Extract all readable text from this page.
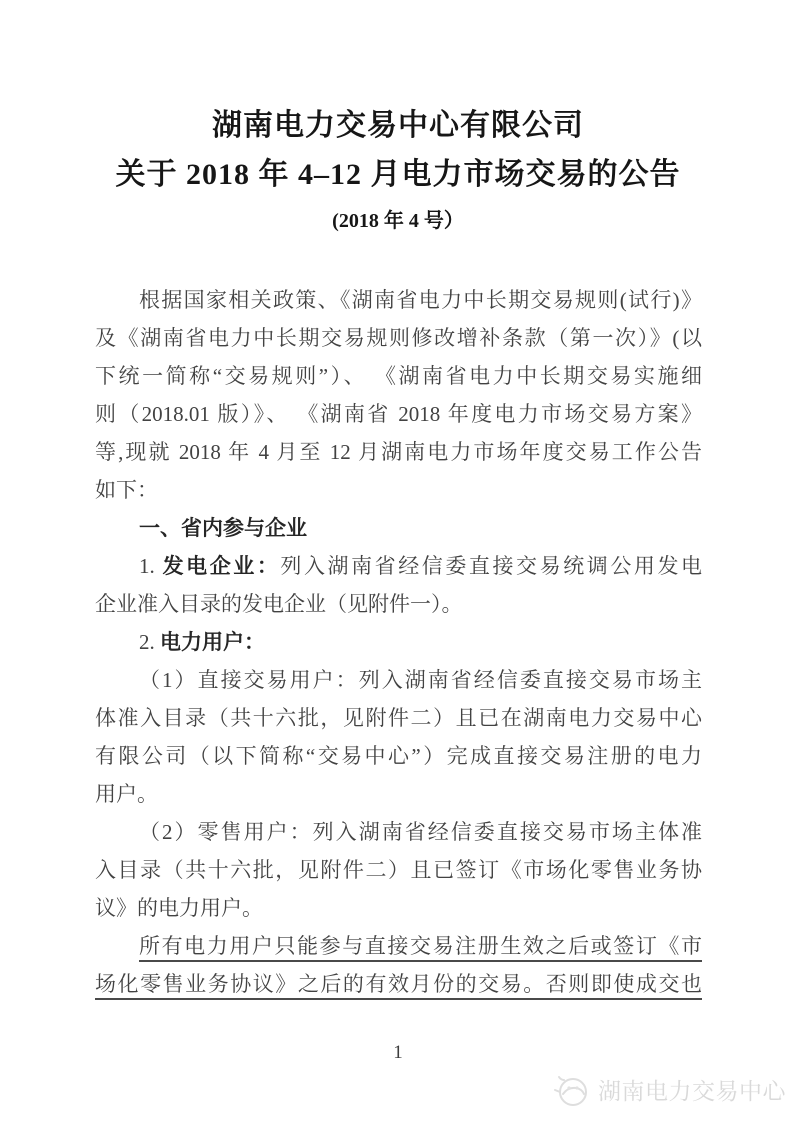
湖南电力交易中心有限公司
关于 2018 年 4–12 月电力市场交易的公告
(2018 年 4 号）
根据国家相关政策、《湖南省电力中长期交易规则(试行)》
及《湖南省电力中长期交易规则修改增补条款（第一次）》(以
下统一简称“交易规则”）、 《湖南省电力中长期交易实施细
则（2018.01 版）》、 《湖南省 2018 年度电力市场交易方案》
等,现就 2018 年 4 月至 12 月湖南电力市场年度交易工作公告
如下：
一、省内参与企业
1. 发电企业：列入湖南省经信委直接交易统调公用发电
企业准入目录的发电企业（见附件一）。
2. 电力用户：
（1）直接交易用户：列入湖南省经信委直接交易市场主
体准入目录（共十六批，见附件二）且已在湖南电力交易中心
有限公司（以下简称“交易中心”）完成直接交易注册的电力
用户。
（2）零售用户：列入湖南省经信委直接交易市场主体准
入目录（共十六批，见附件二）且已签订《市场化零售业务协
议》的电力用户。
所有电力用户只能参与直接交易注册生效之后或签订《市
场化零售业务协议》之后的有效月份的交易。否则即使成交也
1
湖南电力交易中心
